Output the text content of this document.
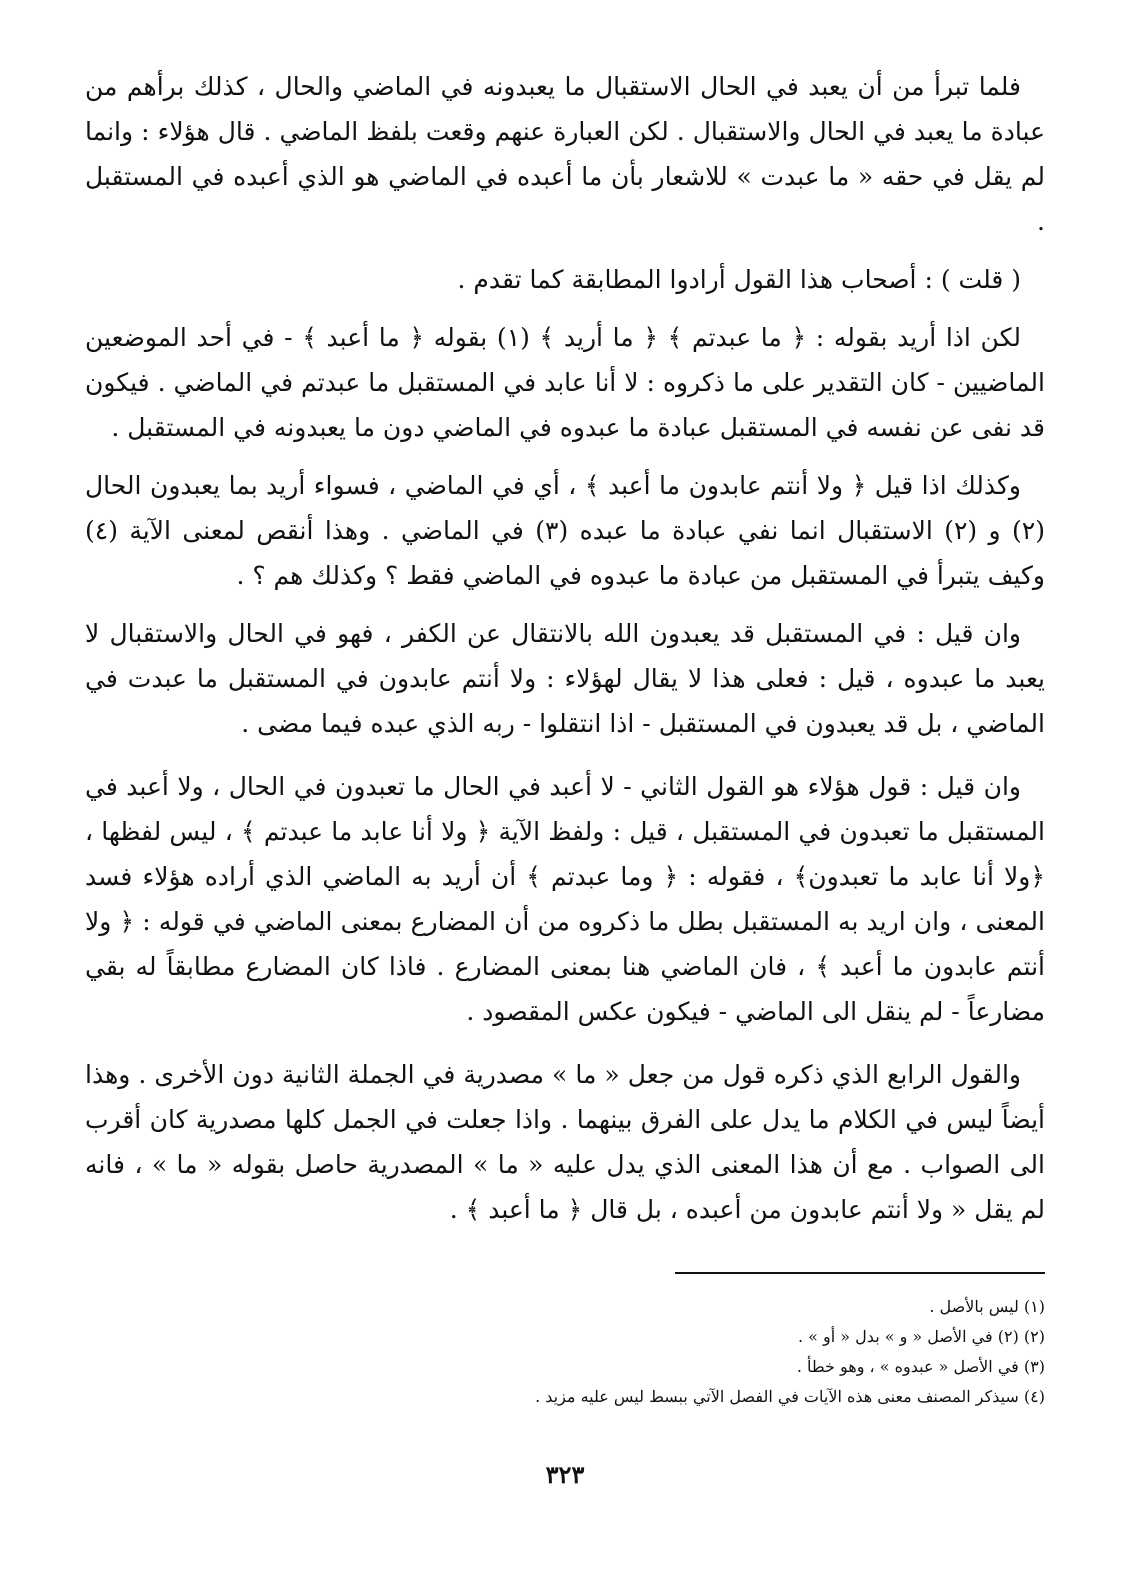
فلما تبرأ من أن يعبد في الحال الاستقبال ما يعبدونه في الماضي والحال ، كذلك برأهم من عبادة ما يعبد في الحال والاستقبال . لكن العبارة عنهم وقعت بلفظ الماضي . قال هؤلاء : وانما لم يقل في حقه « ما عبدت » للاشعار بأن ما أعبده في الماضي هو الذي أعبده في المستقبل .

( قلت ) : أصحاب هذا القول أرادوا المطابقة كما تقدم .

لكن اذا أريد بقوله : ﴿ ما عبدتم ﴾ ﴿ ما أريد ﴾ (١) بقوله ﴿ ما أعبد ﴾ - في أحد الموضعين الماضيين - كان التقدير على ما ذكروه : لا أنا عابد في المستقبل ما عبدتم في الماضي . فيكون قد نفى عن نفسه في المستقبل عبادة ما عبدوه في الماضي دون ما يعبدونه في المستقبل .

وكذلك اذا قيل ﴿ ولا أنتم عابدون ما أعبد ﴾ ، أي في الماضي ، فسواء أريد بما يعبدون الحال (٢) و (٢) الاستقبال انما نفي عبادة ما عبده (٣) في الماضي . وهذا أنقص لمعنى الآية (٤) وكيف يتبرأ في المستقبل من عبادة ما عبدوه في الماضي فقط ؟ وكذلك هم ؟ .

وان قيل : في المستقبل قد يعبدون الله بالانتقال عن الكفر ، فهو في الحال والاستقبال لا يعبد ما عبدوه ، قيل : فعلى هذا لا يقال لهؤلاء : ولا أنتم عابدون في المستقبل ما عبدت في الماضي ، بل قد يعبدون في المستقبل - اذا انتقلوا - ربه الذي عبده فيما مضى .

وان قيل : قول هؤلاء هو القول الثاني - لا أعبد في الحال ما تعبدون في الحال ، ولا أعبد في المستقبل ما تعبدون في المستقبل ، قيل : ولفظ الآية ﴿ ولا أنا عابد ما عبدتم ﴾ ، ليس لفظها ،﴿ولا أنا عابد ما تعبدون﴾ ، فقوله : ﴿ وما عبدتم ﴾ أن أريد به الماضي الذي أراده هؤلاء فسد المعنى ، وان اريد به المستقبل بطل ما ذكروه من أن المضارع بمعنى الماضي في قوله : ﴿ ولا أنتم عابدون ما أعبد ﴾ ، فان الماضي هنا بمعنى المضارع . فاذا كان المضارع مطابقاً له بقي مضارعاً - لم ينقل الى الماضي - فيكون عكس المقصود .

والقول الرابع الذي ذكره قول من جعل « ما » مصدرية في الجملة الثانية دون الأخرى . وهذا أيضاً ليس في الكلام ما يدل على الفرق بينهما . واذا جعلت في الجمل كلها مصدرية كان أقرب الى الصواب . مع أن هذا المعنى الذي يدل عليه « ما » المصدرية حاصل بقوله « ما » ، فانه لم يقل « ولا أنتم عابدون من أعبده ، بل قال ﴿ ما أعبد ﴾ .

(١) ليس بالأصل .
(٢) (٢) في الأصل « و » بدل « أو » .
(٣) في الأصل « عبدوه » ، وهو خطأ .
(٤) سيذكر المصنف معنى هذه الآيات في الفصل الآتي ببسط ليس عليه مزيد .
٣٢٣
